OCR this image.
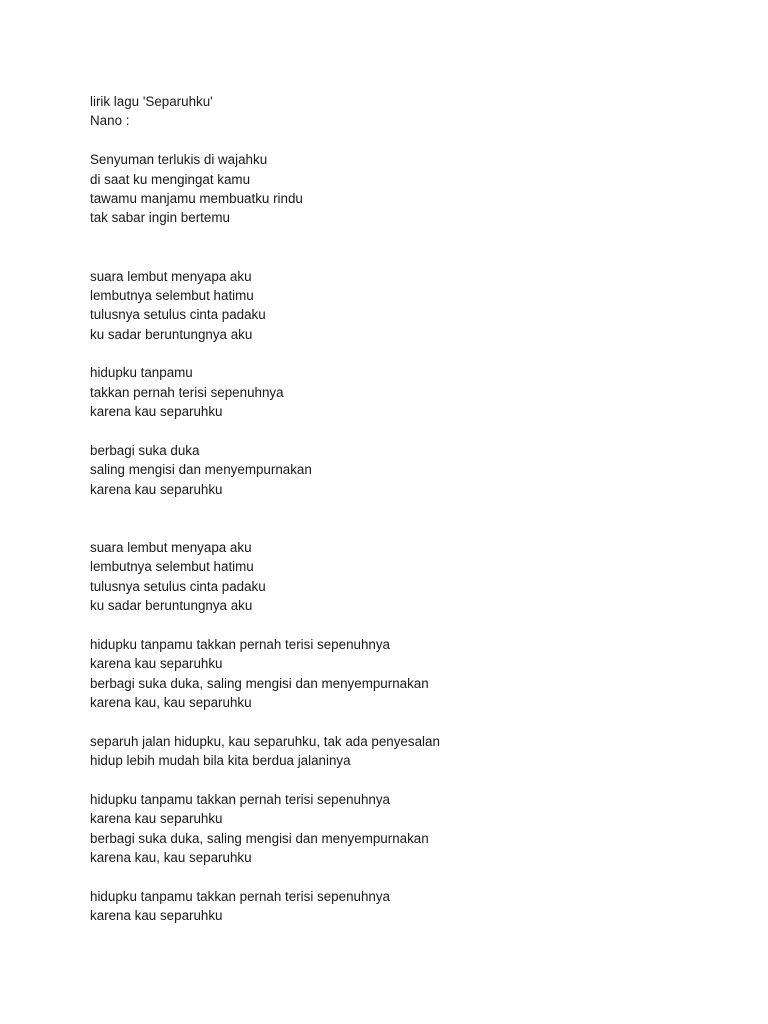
lirik lagu 'Separuhku'
Nano :
Senyuman terlukis di wajahku
di saat ku mengingat kamu
tawamu manjamu membuatku rindu
tak sabar ingin bertemu
suara lembut menyapa aku
lembutnya selembut hatimu
tulusnya setulus cinta padaku
ku sadar beruntungnya aku
hidupku tanpamu
takkan pernah terisi sepenuhnya
karena kau separuhku
berbagi suka duka
saling mengisi dan menyempurnakan
karena kau separuhku
suara lembut menyapa aku
lembutnya selembut hatimu
tulusnya setulus cinta padaku
ku sadar beruntungnya aku
hidupku tanpamu takkan pernah terisi sepenuhnya
karena kau separuhku
berbagi suka duka, saling mengisi dan menyempurnakan
karena kau, kau separuhku
separuh jalan hidupku, kau separuhku, tak ada penyesalan
hidup lebih mudah bila kita berdua jalaninya
hidupku tanpamu takkan pernah terisi sepenuhnya
karena kau separuhku
berbagi suka duka, saling mengisi dan menyempurnakan
karena kau, kau separuhku
hidupku tanpamu takkan pernah terisi sepenuhnya
karena kau separuhku
